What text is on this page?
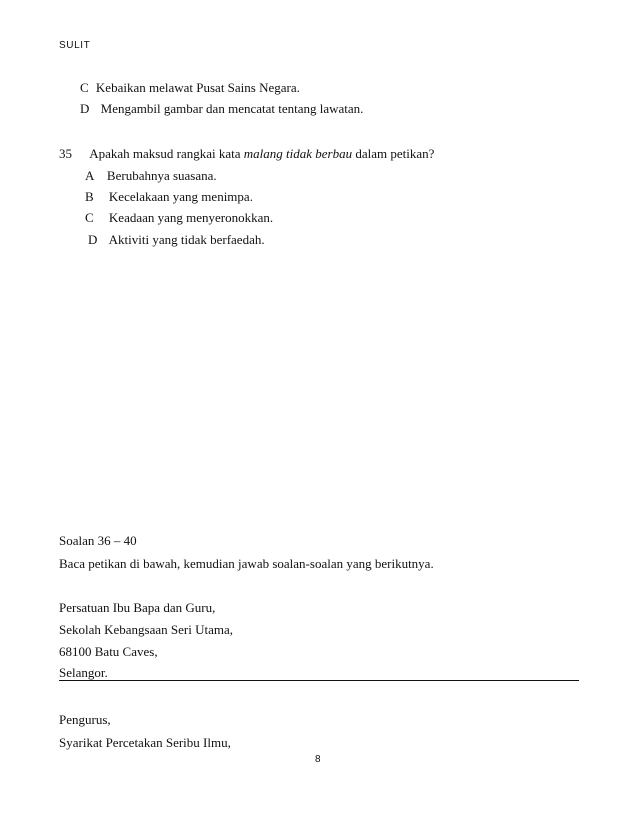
SULIT
C Kebaikan melawat Pusat Sains Negara.
D Mengambil gambar dan mencatat tentang lawatan.
35 Apakah maksud rangkai kata malang tidak berbau dalam petikan?
A Berubahnya suasana.
B Kecelakaan yang menimpa.
C Keadaan yang menyeronokkan.
D Aktiviti yang tidak berfaedah.
Soalan 36 – 40
Baca petikan di bawah, kemudian jawab soalan-soalan yang berikutnya.
Persatuan Ibu Bapa dan Guru,
Sekolah Kebangsaan Seri Utama,
68100 Batu Caves,
Selangor.
Pengurus,
Syarikat Percetakan Seribu Ilmu,
8
